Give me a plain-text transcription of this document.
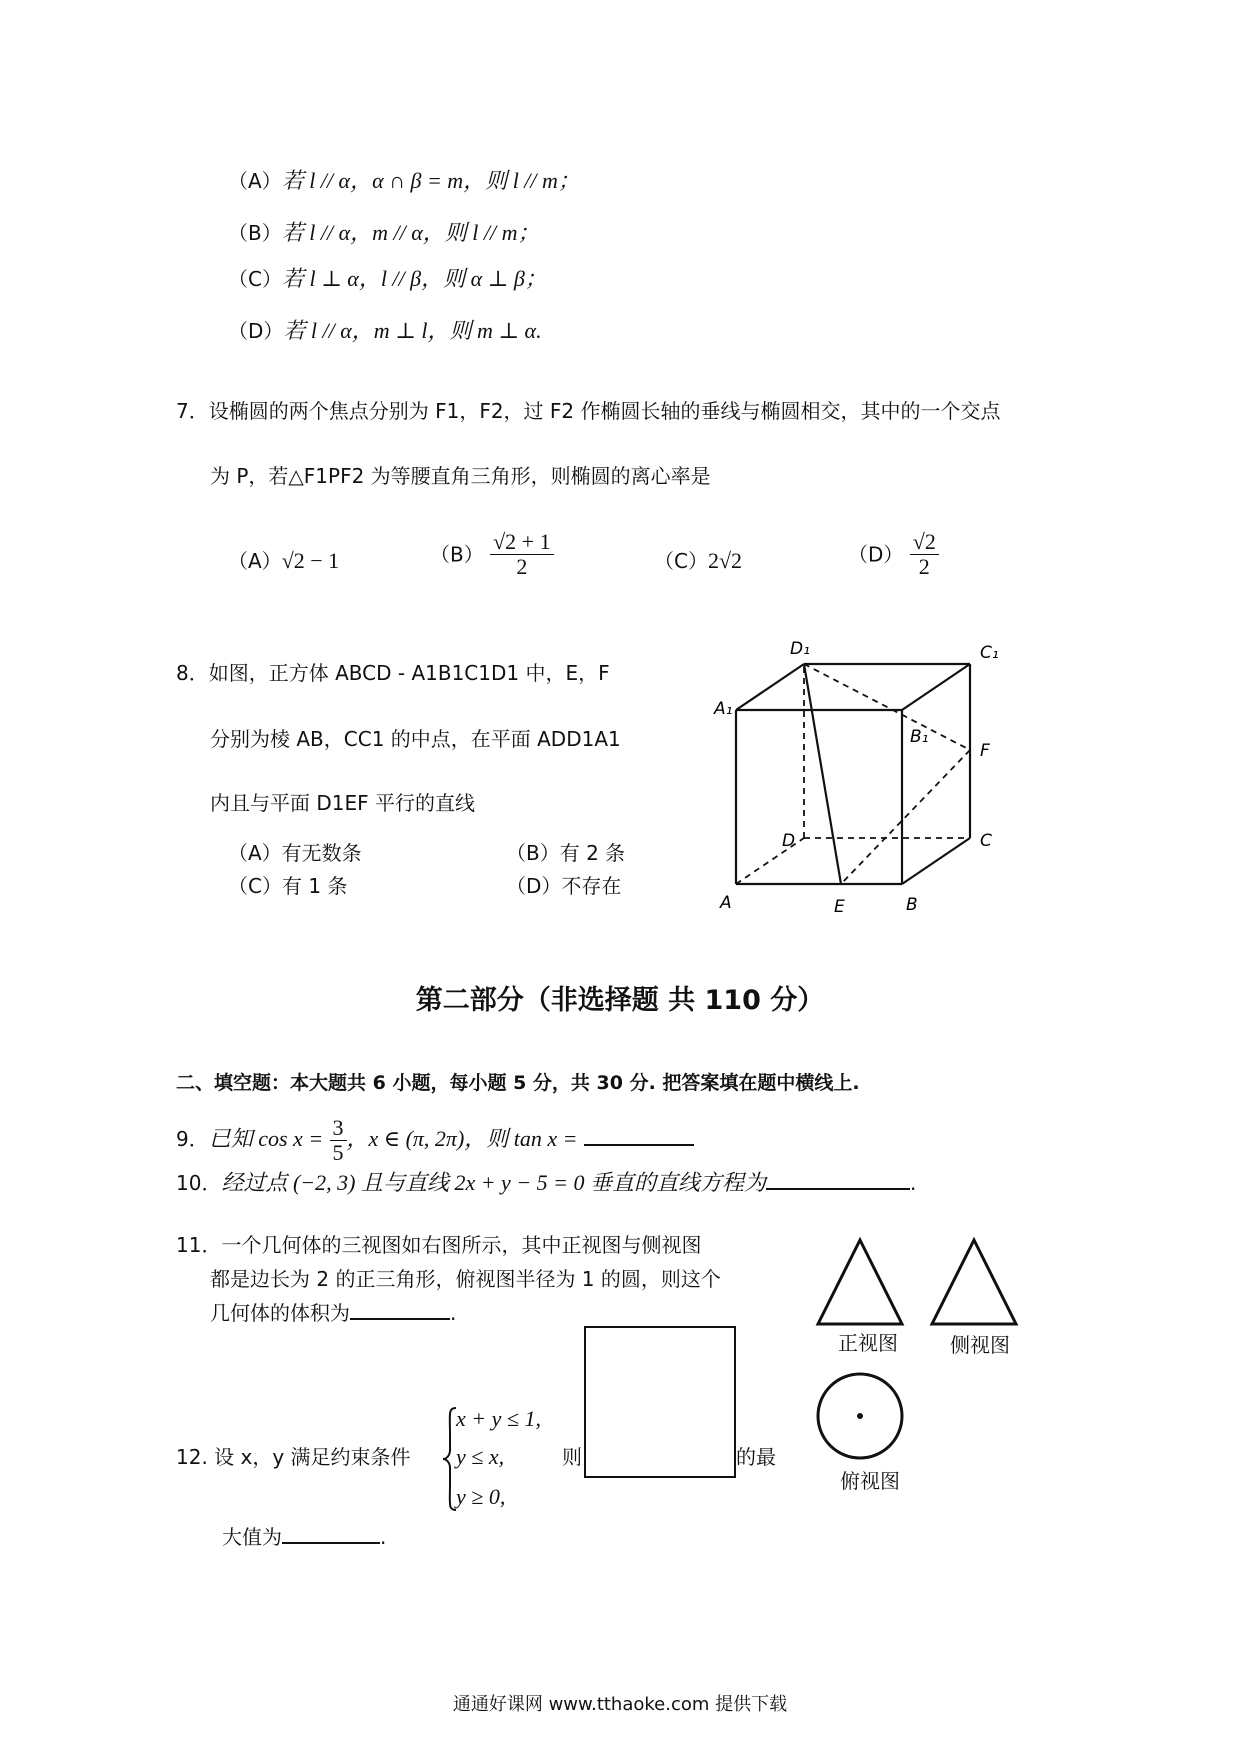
（A）若 l // α，α ∩ β = m，则 l // m；
（B）若 l // α，m // α，则 l // m；
（C）若 l ⊥ α，l // β，则 α ⊥ β；
（D）若 l // α，m ⊥ l，则 m ⊥ α.
7．设椭圆的两个焦点分别为 F1，F2，过 F2 作椭圆长轴的垂线与椭圆相交，其中的一个交点
为 P，若△F1PF2 为等腰直角三角形，则椭圆的离心率是
（A）√2 − 1	$(B) \frac{√2 + 1}{2}$	（C）2√2	$(D) \frac{√2}{2}$
8．如图，正方体 ABCD - A1B1C1D1 中，E，F
分别为棱 AB，CC1 的中点，在平面 ADD1A1
内且与平面 D1EF 平行的直线
（A）有无数条	（B）有 2 条
（C）有 1 条	（D）不存在
D₁	C₁
A₁
B₁
F
D	C
A	E	B
第二部分（非选择题 共 110 分）
二、填空题：本大题共 6 小题，每小题 5 分，共 30 分. 把答案填在题中横线上.
9．已知 $\cos x = \frac{3}{5}$ ，x ∈ (π, 2π)，则 tan x =
10．经过点 (−2, 3) 且与直线 2x + y − 5 = 0 垂直的直线方程为	.
11．一个几何体的三视图如右图所示，其中正视图与侧视图
都是边长为 2 的正三角形，俯视图半径为 1 的圆，则这个
几何体的体积为	.
正视图	侧视图
俯视图
12. 设 x，y 满足约束条件
x + y ≤ 1,
y ≤ x,
y ≥ 0,
则	的最
大值为	.
通通好课网 www.tthaoke.com 提供下载
